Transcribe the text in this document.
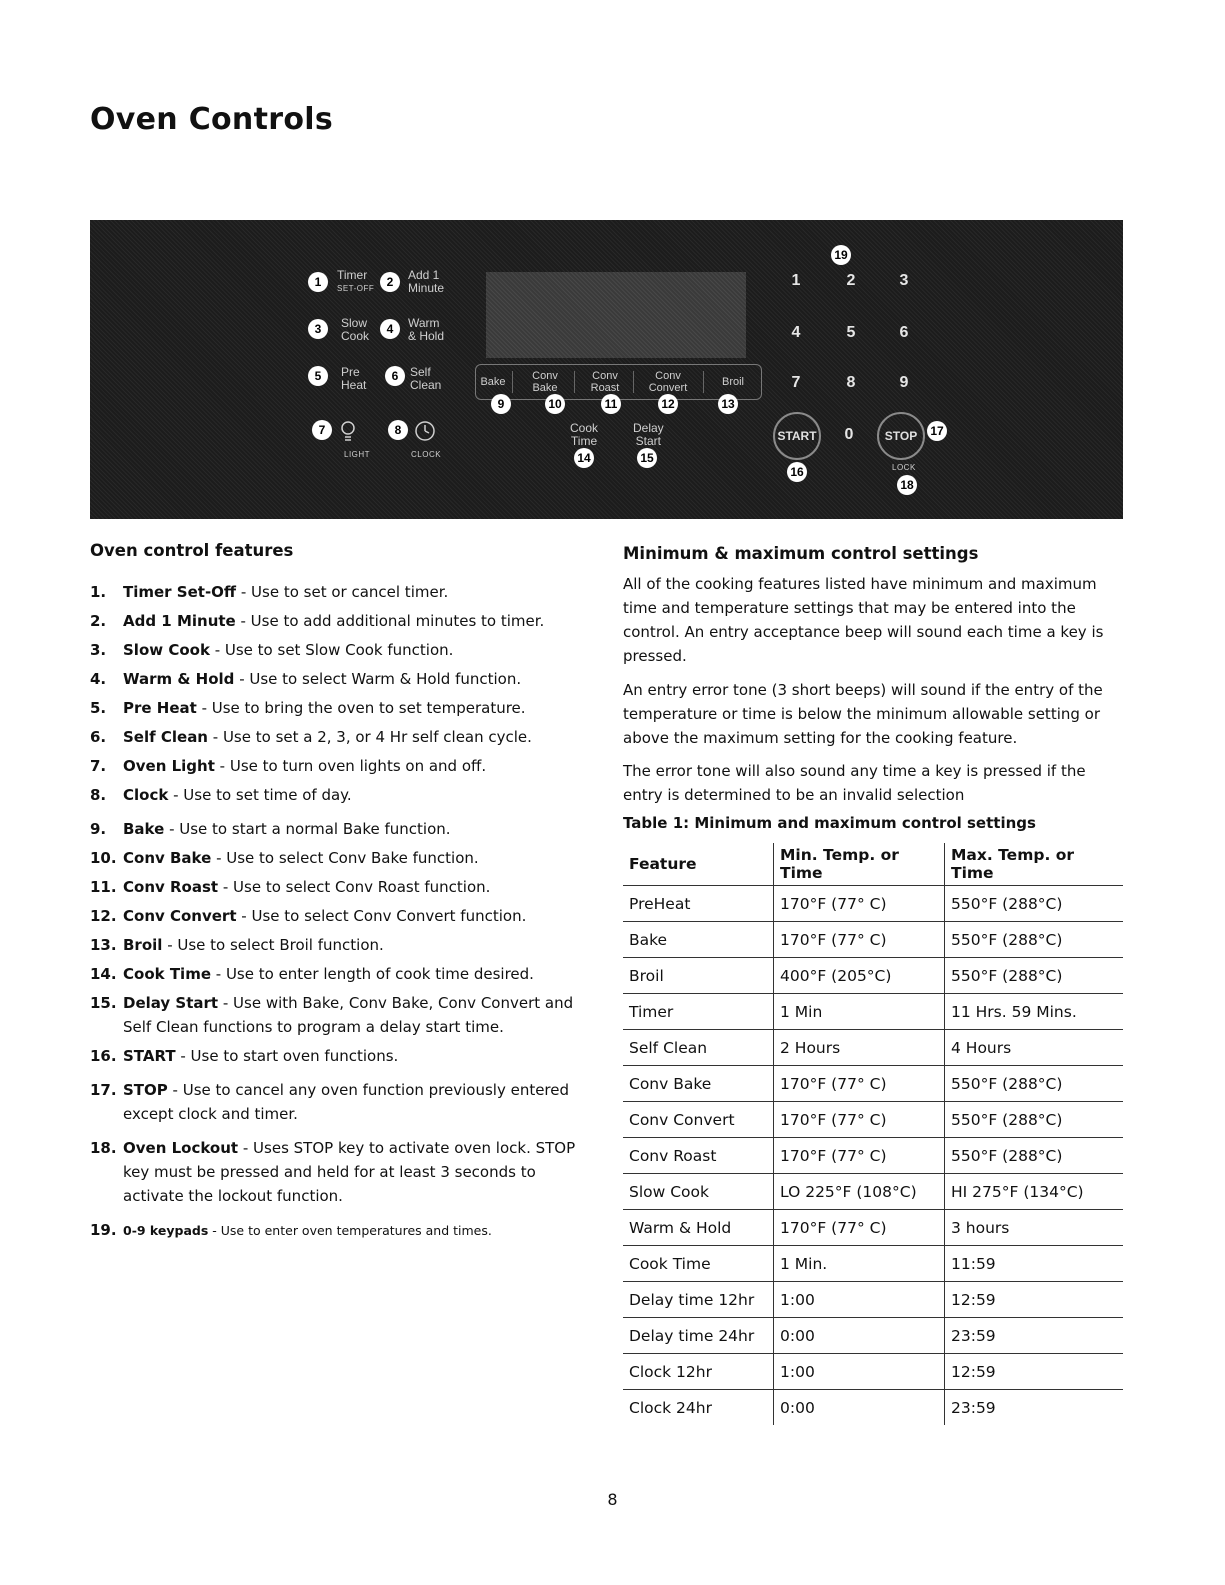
Oven Controls
1	Timer
SET-OFF	2	Add 1
Minute
3	Slow
Cook	4	Warm
& Hold
5	Pre
Heat
6 Self
Clean
7
LIGHT
8
CLOCK
Bake	Conv Bake
Conv Roast
Conv Convert	Broil
9	10	11	12	13
Cook
Time
Delay
Start
14	15
19
1	2	3
4	5	6
7	8	9
0
START
16
STOP	17
LOCK
18
Oven control features
1. Timer Set-Off - Use to set or cancel timer.
2. Add 1 Minute - Use to add additional minutes to timer.
3. Slow Cook - Use to set Slow Cook function.
4. Warm & Hold - Use to select Warm & Hold function.
5. Pre Heat - Use to bring the oven to set temperature.
6. Self Clean - Use to set a 2, 3, or 4 Hr self clean cycle.
7. Oven Light - Use to turn oven lights on and off.
8. Clock - Use to set time of day.
9. Bake - Use to start a normal Bake function.
10. Conv Bake - Use to select Conv Bake function.
11. Conv Roast - Use to select Conv Roast function.
12. Conv Convert - Use to select Conv Convert function.
13. Broil - Use to select Broil function.
14. Cook Time - Use to enter length of cook time desired.
15. Delay Start - Use with Bake, Conv Bake, Conv Convert and Self Clean functions to program a delay start time.
16. START - Use to start oven functions.
17. STOP - Use to cancel any oven function previously entered except clock and timer.
18. Oven Lockout - Uses STOP key to activate oven lock. STOP key must be pressed and held for at least 3 seconds to activate the lockout function.
19. 0-9 keypads - Use to enter oven temperatures and times.
Minimum & maximum control settings

All of the cooking features listed have minimum and maximum time and temperature settings that may be entered into the control. An entry acceptance beep will sound each time a key is pressed.

An entry error tone (3 short beeps) will sound if the entry of the temperature or time is below the minimum allowable setting or above the maximum setting for the cooking feature.

The error tone will also sound any time a key is pressed if the entry is determined to be an invalid selection

Table 1: Minimum and maximum control settings
Feature	Min. Temp. or Time	Max. Temp. or Time
PreHeat	170°F (77° C)	550°F (288°C)
Bake	170°F (77° C)	550°F (288°C)
Broil	400°F (205°C)	550°F (288°C)
Timer	1 Min	11 Hrs. 59 Mins.
Self Clean	2 Hours	4 Hours
Conv Bake	170°F (77° C)	550°F (288°C)
Conv Convert	170°F (77° C)	550°F (288°C)
Conv Roast	170°F (77° C)	550°F (288°C)
Slow Cook	LO 225°F (108°C)	HI 275°F (134°C)
Warm & Hold	170°F (77° C)	3 hours
Cook Time	1 Min.	11:59
Delay time 12hr	1:00	12:59
Delay time 24hr	0:00	23:59
Clock 12hr	1:00	12:59
Clock 24hr	0:00	23:59
8
